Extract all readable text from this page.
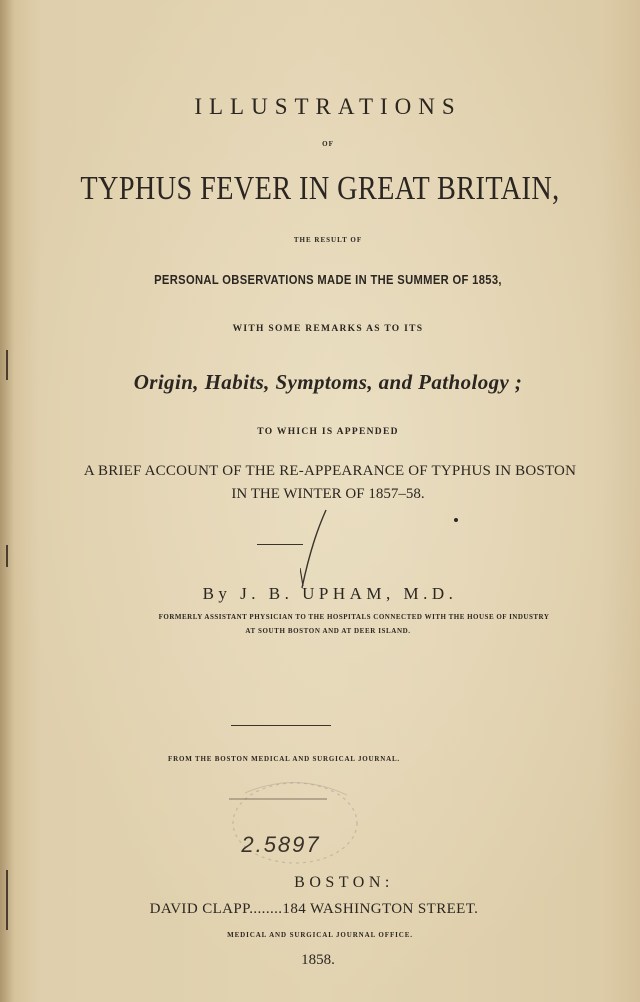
ILLUSTRATIONS
OF
TYPHUS FEVER IN GREAT BRITAIN,
THE RESULT OF
PERSONAL OBSERVATIONS MADE IN THE SUMMER OF 1853,
WITH SOME REMARKS AS TO ITS
Origin, Habits, Symptoms, and Pathology ;
TO WHICH IS APPENDED
A BRIEF ACCOUNT OF THE RE-APPEARANCE OF TYPHUS IN BOSTON
IN THE WINTER OF 1857–58.
By J. B. UPHAM, M.D.
FORMERLY ASSISTANT PHYSICIAN TO THE HOSPITALS CONNECTED WITH THE HOUSE OF INDUSTRY
AT SOUTH BOSTON AND AT DEER ISLAND.
FROM THE BOSTON MEDICAL AND SURGICAL JOURNAL.
2.5897
BOSTON:
DAVID CLAPP........184 WASHINGTON STREET.
MEDICAL AND SURGICAL JOURNAL OFFICE.
1858.
